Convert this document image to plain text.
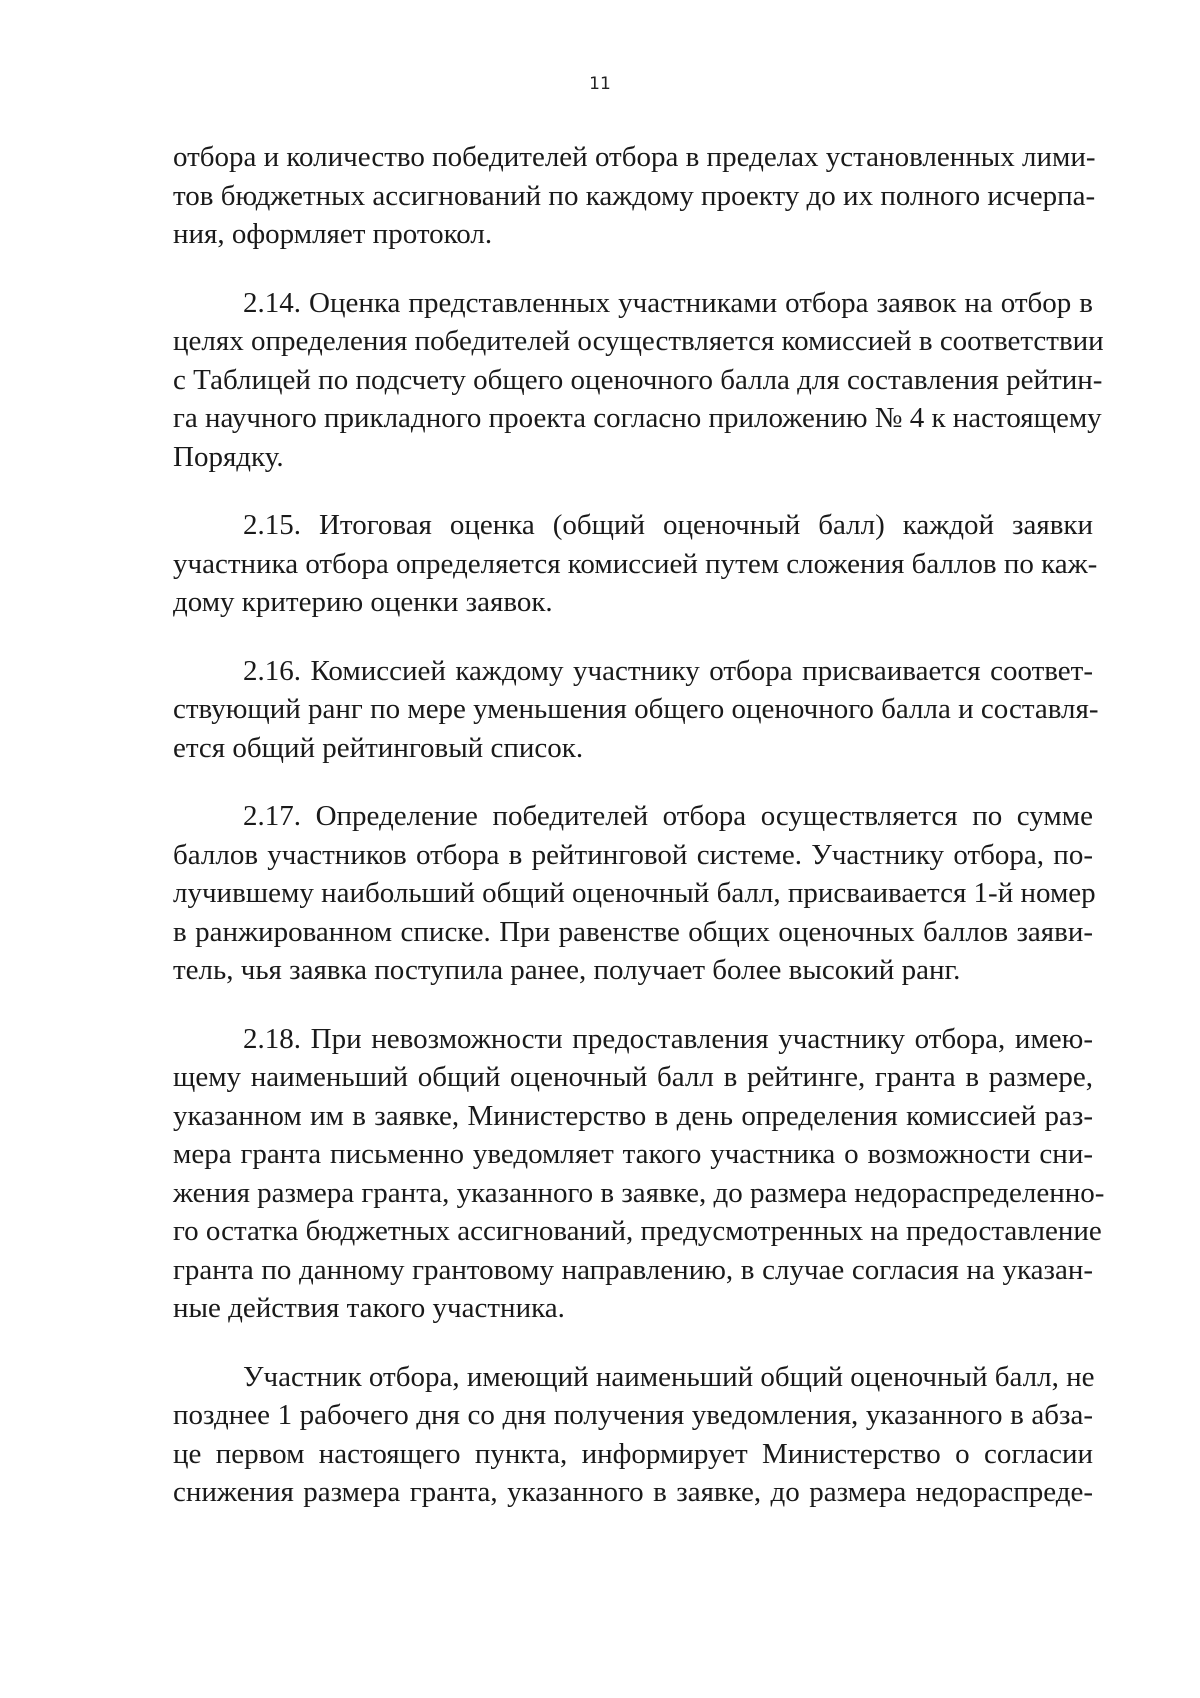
11
отбора и количество победителей отбора в пределах установленных лими-
тов бюджетных ассигнований по каждому проекту до их полного исчерпа-
ния, оформляет протокол.
2.14. Оценка представленных участниками отбора заявок на отбор в
целях определения победителей осуществляется комиссией в соответствии
с Таблицей по подсчету общего оценочного балла для составления рейтин-
га научного прикладного проекта согласно приложению № 4 к настоящему
Порядку.
2.15. Итоговая оценка (общий оценочный балл) каждой заявки
участника отбора определяется комиссией путем сложения баллов по каж-
дому критерию оценки заявок.
2.16. Комиссией каждому участнику отбора присваивается соответ-
ствующий ранг по мере уменьшения общего оценочного балла и составля-
ется общий рейтинговый список.
2.17. Определение победителей отбора осуществляется по сумме
баллов участников отбора в рейтинговой системе. Участнику отбора, по-
лучившему наибольший общий оценочный балл, присваивается 1-й номер
в ранжированном списке. При равенстве общих оценочных баллов заяви-
тель, чья заявка поступила ранее, получает более высокий ранг.
2.18. При невозможности предоставления участнику отбора, имею-
щему наименьший общий оценочный балл в рейтинге, гранта в размере,
указанном им в заявке, Министерство в день определения комиссией раз-
мера гранта письменно уведомляет такого участника о возможности сни-
жения размера гранта, указанного в заявке, до размера недораспределенно-
го остатка бюджетных ассигнований, предусмотренных на предоставление
гранта по данному грантовому направлению, в случае согласия на указан-
ные действия такого участника.
Участник отбора, имеющий наименьший общий оценочный балл, не
позднее 1 рабочего дня со дня получения уведомления, указанного в абза-
це первом настоящего пункта, информирует Министерство о согласии
снижения размера гранта, указанного в заявке, до размера недораспреде-
